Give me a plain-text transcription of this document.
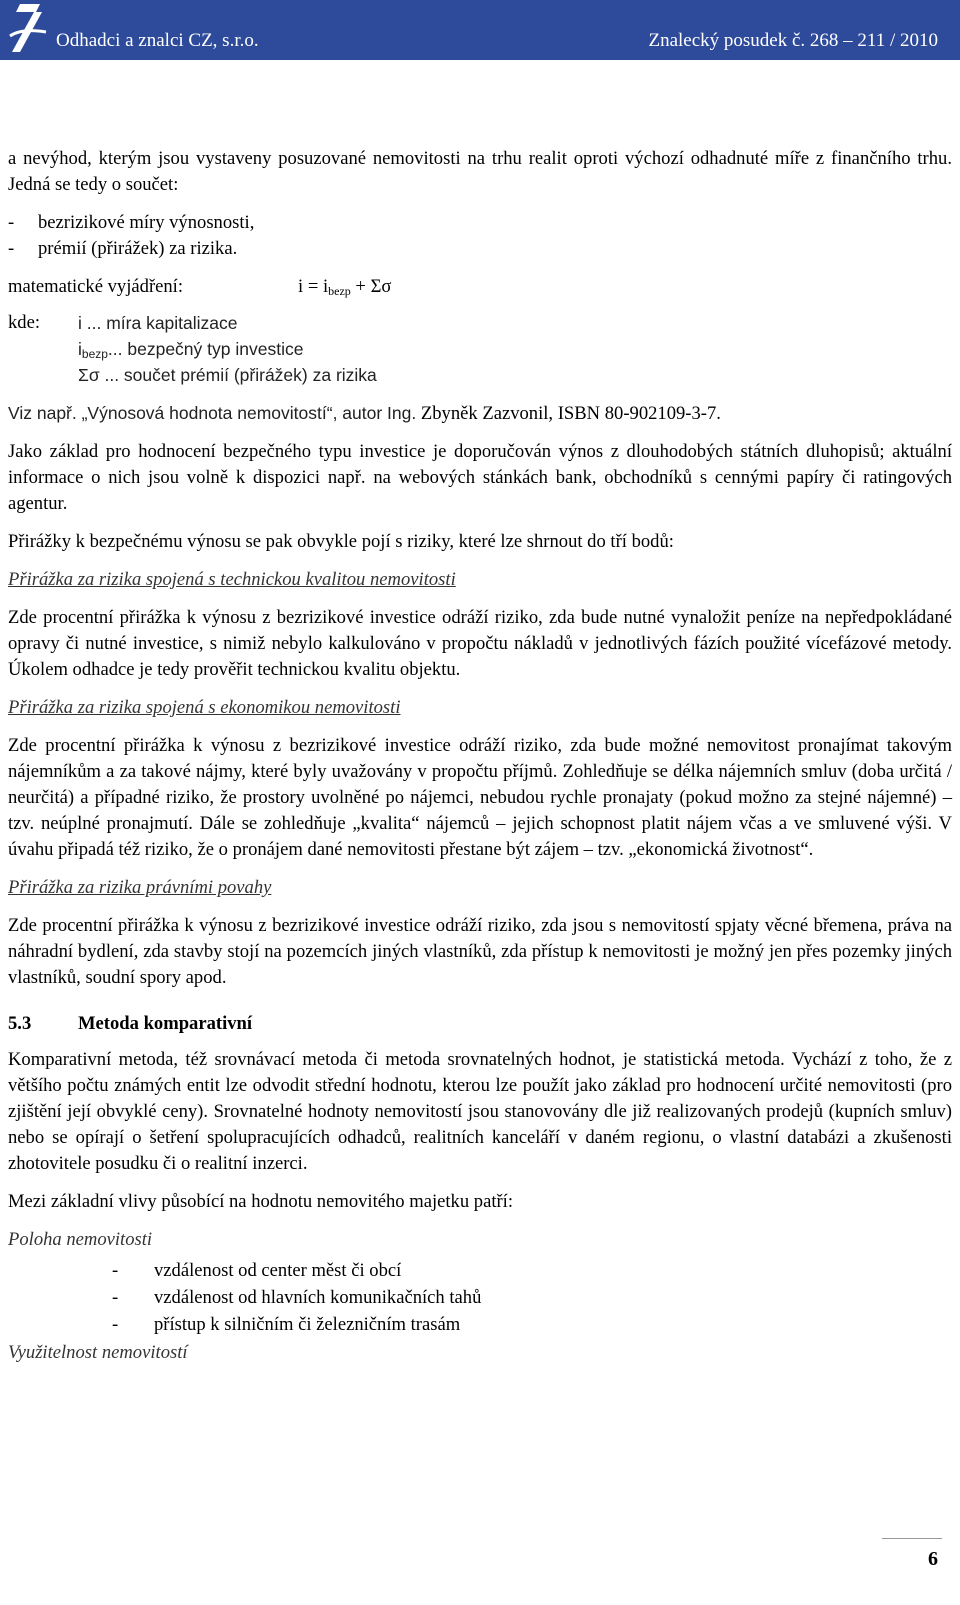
Odhadci a znalci CZ, s.r.o.	Znalecký posudek č. 268 – 211 / 2010

a nevýhod, kterým jsou vystaveny posuzované nemovitosti na trhu realit oproti výchozí odhadnuté míře z finančního trhu. Jedná se tedy o součet:

- bezrizikové míry výnosnosti,
- prémií (přirážek) za rizika.
matematické vyjádření:	$i = i_{bezp} + \Sigma\sigma$
kde:	i ... míra kapitalizace
$i_{bezp}$... bezpečný typ investice
Σσ ... součet prémií (přirážek) za rizika

Viz např. „Výnosová hodnota nemovitostí“, autor Ing. Zbyněk Zazvonil, ISBN 80-902109-3-7.

Jako základ pro hodnocení bezpečného typu investice je doporučován výnos z dlouhodobých státních dluhopisů; aktuální informace o nich jsou volně k dispozici např. na webových stánkách bank, obchodníků s cennými papíry či ratingových agentur.

Přirážky k bezpečnému výnosu se pak obvykle pojí s riziky, které lze shrnout do tří bodů:

Přirážka za rizika spojená s technickou kvalitou nemovitosti

Zde procentní přirážka k výnosu z bezrizikové investice odráží riziko, zda bude nutné vynaložit peníze na nepředpokládané opravy či nutné investice, s nimiž nebylo kalkulováno v propočtu nákladů v jednotlivých fázích použité vícefázové metody. Úkolem odhadce je tedy prověřit technickou kvalitu objektu.

Přirážka za rizika spojená s ekonomikou nemovitosti

Zde procentní přirážka k výnosu z bezrizikové investice odráží riziko, zda bude možné nemovitost pronajímat takovým nájemníkům a za takové nájmy, které byly uvažovány v propočtu příjmů. Zohledňuje se délka nájemních smluv (doba určitá / neurčitá) a případné riziko, že prostory uvolněné po nájemci, nebudou rychle pronajaty (pokud možno za stejné nájemné) – tzv. neúplné pronajmutí. Dále se zohledňuje „kvalita“ nájemců – jejich schopnost platit nájem včas a ve smluvené výši. V úvahu připadá též riziko, že o pronájem dané nemovitosti přestane být zájem – tzv. „ekonomická životnost“.

Přirážka za rizika právními povahy

Zde procentní přirážka k výnosu z bezrizikové investice odráží riziko, zda jsou s nemovitostí spjaty věcné břemena, práva na náhradní bydlení, zda stavby stojí na pozemcích jiných vlastníků, zda přístup k nemovitosti je možný jen přes pozemky jiných vlastníků, soudní spory apod.

5.3	Metoda komparativní

Komparativní metoda, též srovnávací metoda či metoda srovnatelných hodnot, je statistická metoda. Vychází z toho, že z většího počtu známých entit lze odvodit střední hodnotu, kterou lze použít jako základ pro hodnocení určité nemovitosti (pro zjištění její obvyklé ceny). Srovnatelné hodnoty nemovitostí jsou stanovovány dle již realizovaných prodejů (kupních smluv) nebo se opírají o šetření spolupracujících odhadců, realitních kanceláří v daném regionu, o vlastní databázi a zkušenosti zhotovitele posudku či o realitní inzerci.

Mezi základní vlivy působící na hodnotu nemovitého majetku patří:

Poloha nemovitosti
- vzdálenost od center měst či obcí
- vzdálenost od hlavních komunikačních tahů
- přístup k silničním či železničním trasám
Využitelnost nemovitostí
6
